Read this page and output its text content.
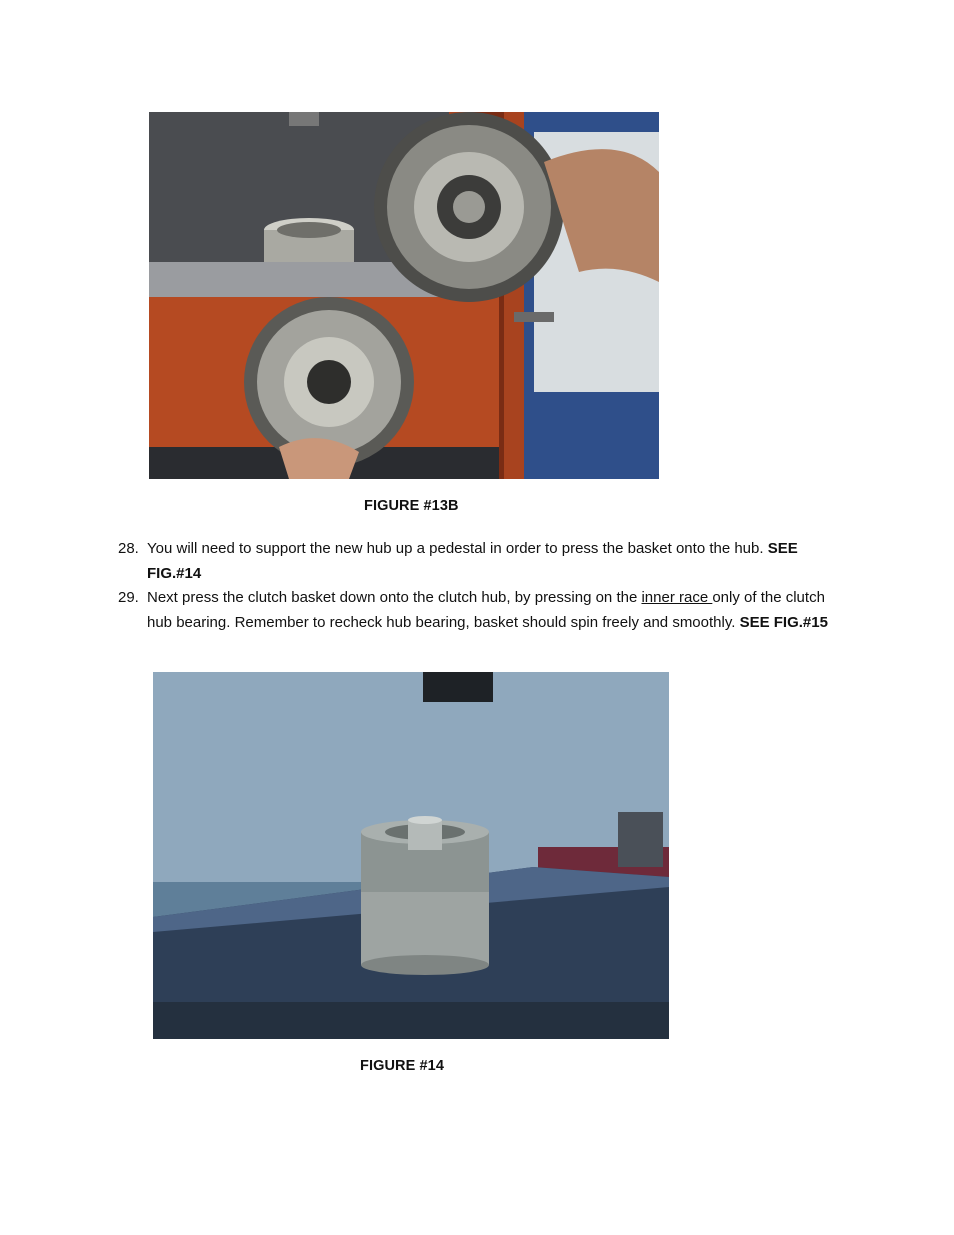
FIGURE #13B
28. You will need to support the new hub up a pedestal in order to press the basket onto the hub. SEE FIG.#14
29. Next press the clutch basket down onto the clutch hub, by pressing on the inner race only of the clutch hub bearing. Remember to recheck hub bearing, basket should spin freely and smoothly. SEE FIG.#15
FIGURE #14
